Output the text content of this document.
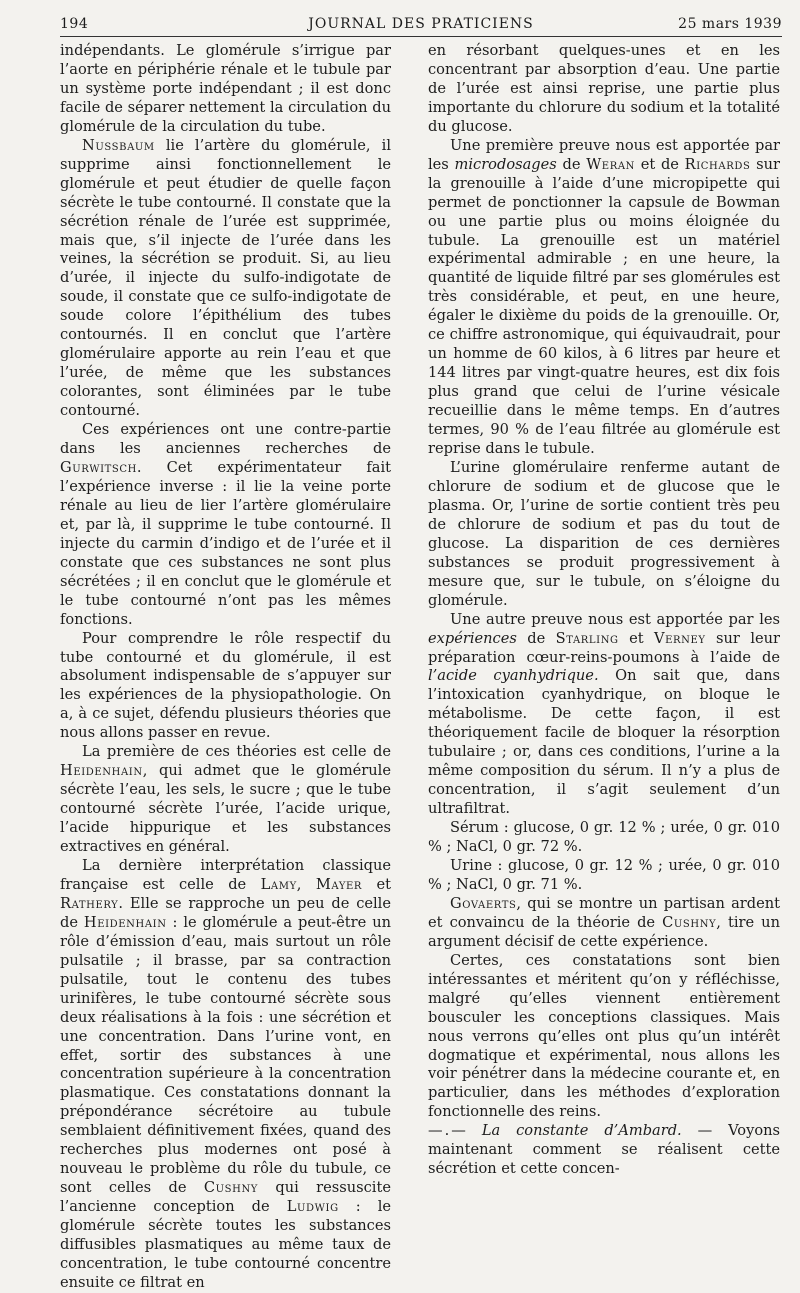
194	JOURNAL DES PRATICIENS	25 mars 1939

indépendants. Le glomérule s’irrigue par l’aorte en périphérie rénale et le tubule par un système porte indépendant ; il est donc facile de séparer nettement la circulation du glomérule de la circulation du tube.

Nussbaum lie l’artère du glomérule, il supprime ainsi fonctionnellement le glomérule et peut étudier de quelle façon sécrète le tube contourné. Il constate que la sécrétion rénale de l’urée est supprimée, mais que, s’il injecte de l’urée dans les veines, la sécrétion se produit. Si, au lieu d’urée, il injecte du sulfo-indigotate de soude, il constate que ce sulfo-indigotate de soude colore l’épithélium des tubes contournés. Il en conclut que l’artère glomérulaire apporte au rein l’eau et que l’urée, de même que les substances colorantes, sont éliminées par le tube contourné.

Ces expériences ont une contre-partie dans les anciennes recherches de Gurwitsch. Cet expérimentateur fait l’expérience inverse : il lie la veine porte rénale au lieu de lier l’artère glomérulaire et, par là, il supprime le tube contourné. Il injecte du carmin d’indigo et de l’urée et il constate que ces substances ne sont plus sécrétées ; il en conclut que le glomérule et le tube contourné n’ont pas les mêmes fonctions.

Pour comprendre le rôle respectif du tube contourné et du glomérule, il est absolument indispensable de s’appuyer sur les expériences de la physiopathologie. On a, à ce sujet, défendu plusieurs théories que nous allons passer en revue.

La première de ces théories est celle de Heidenhain, qui admet que le glomérule sécrète l’eau, les sels, le sucre ; que le tube contourné sécrète l’urée, l’acide urique, l’acide hippurique et les substances extractives en général.

La dernière interprétation classique française est celle de Lamy, Mayer et Rathery. Elle se rapproche un peu de celle de Heidenhain : le glomérule a peut-être un rôle d’émission d’eau, mais surtout un rôle pulsatile ; il brasse, par sa contraction pulsatile, tout le contenu des tubes urinifères, le tube contourné sécrète sous deux réalisations à la fois : une sécrétion et une concentration. Dans l’urine vont, en effet, sortir des substances à une concentration supérieure à la concentration plasmatique. Ces constatations donnant la prépondérance sécrétoire au tubule semblaient définitivement fixées, quand des recherches plus modernes ont posé à nouveau le problème du rôle du tubule, ce sont celles de Cushny qui ressuscite l’ancienne conception de Ludwig : le glomérule sécrète toutes les substances diffusibles plasmatiques au même taux de concentration, le tube contourné concentre ensuite ce filtrat en

en résorbant quelques-unes et en les concentrant par absorption d’eau. Une partie de l’urée est ainsi reprise, une partie plus importante du chlorure du sodium et la totalité du glucose.

Une première preuve nous est apportée par les microdosages de Weran et de Richards sur la grenouille à l’aide d’une micropipette qui permet de ponctionner la capsule de Bowman ou une partie plus ou moins éloignée du tubule. La grenouille est un matériel expérimental admirable ; en une heure, la quantité de liquide filtré par ses glomérules est très considérable, et peut, en une heure, égaler le dixième du poids de la grenouille. Or, ce chiffre astronomique, qui équivaudrait, pour un homme de 60 kilos, à 6 litres par heure et 144 litres par vingt-quatre heures, est dix fois plus grand que celui de l’urine vésicale recueillie dans le même temps. En d’autres termes, 90 % de l’eau filtrée au glomérule est reprise dans le tubule.

L’urine glomérulaire renferme autant de chlorure de sodium et de glucose que le plasma. Or, l’urine de sortie contient très peu de chlorure de sodium et pas du tout de glucose. La disparition de ces dernières substances se produit progressivement à mesure que, sur le tubule, on s’éloigne du glomérule.

Une autre preuve nous est apportée par les expériences de Starling et Verney sur leur préparation cœur-reins-poumons à l’aide de l’acide cyanhydrique. On sait que, dans l’intoxication cyanhydrique, on bloque le métabolisme. De cette façon, il est théoriquement facile de bloquer la résorption tubulaire ; or, dans ces conditions, l’urine a la même composition du sérum. Il n’y a plus de concentration, il s’agit seulement d’un ultrafiltrat.

Sérum : glucose, 0 gr. 12 % ; urée, 0 gr. 010 % ; NaCl, 0 gr. 72 %.

Urine : glucose, 0 gr. 12 % ; urée, 0 gr. 010 % ; NaCl, 0 gr. 71 %.

Govaerts, qui se montre un partisan ardent et convaincu de la théorie de Cushny, tire un argument décisif de cette expérience.

Certes, ces constatations sont bien intéressantes et méritent qu’on y réfléchisse, malgré qu’elles viennent entièrement bousculer les conceptions classiques. Mais nous verrons qu’elles ont plus qu’un intérêt dogmatique et expérimental, nous allons les voir pénétrer dans la médecine courante et, en particulier, dans les méthodes d’exploration fonctionnelle des reins.

—.— La constante d’Ambard. — Voyons maintenant comment se réalisent cette sécrétion et cette concen-
